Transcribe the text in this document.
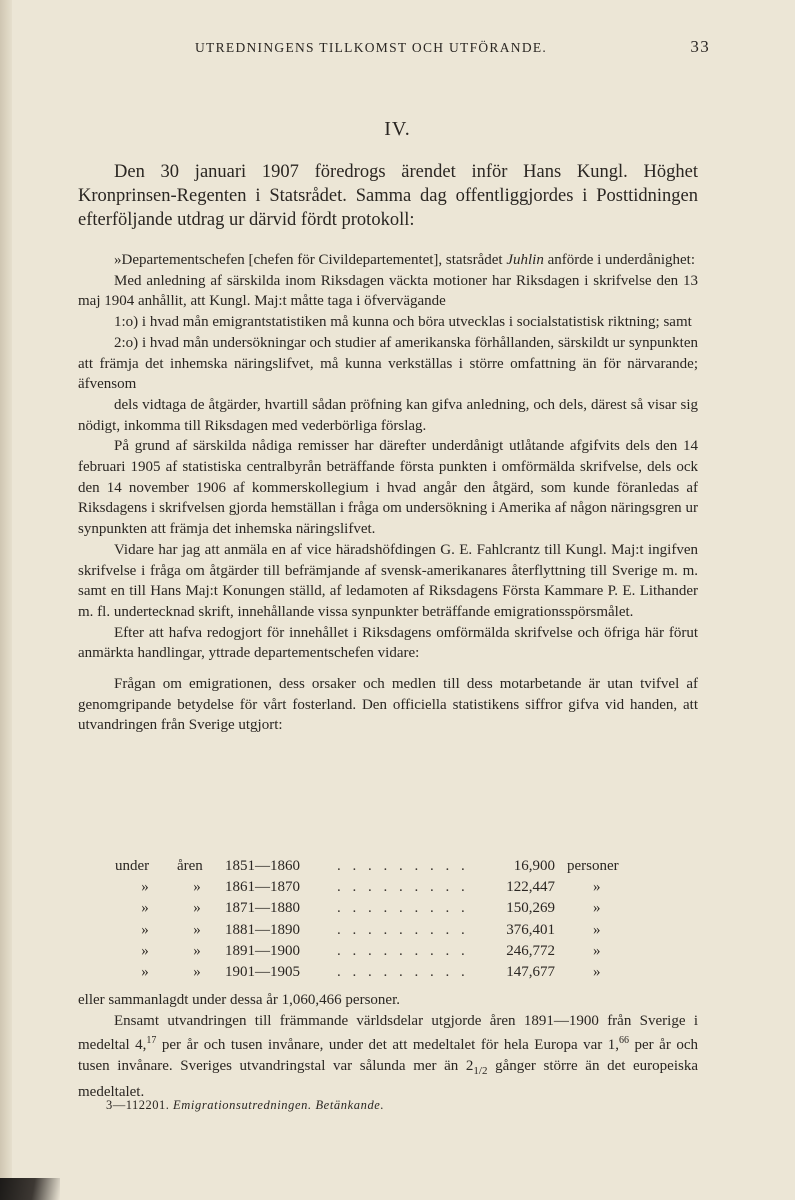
UTREDNINGENS TILLKOMST OCH UTFÖRANDE.	33
IV.

Den 30 januari 1907 föredrogs ärendet inför Hans Kungl. Höghet Kronprinsen-Regenten i Statsrådet. Samma dag offentliggjordes i Posttidningen efterföljande utdrag ur därvid fördt protokoll:

»Departementschefen [chefen för Civildepartementet], statsrådet Juhlin anförde i underdånighet:

Med anledning af särskilda inom Riksdagen väckta motioner har Riksdagen i skrifvelse den 13 maj 1904 anhållit, att Kungl. Maj:t måtte taga i öfvervägande

1:o) i hvad mån emigrantstatistiken må kunna och böra utvecklas i socialstatistisk riktning; samt

2:o) i hvad mån undersökningar och studier af amerikanska förhållanden, särskildt ur synpunkten att främja det inhemska näringslifvet, må kunna verkställas i större omfattning än för närvarande; äfvensom

dels vidtaga de åtgärder, hvartill sådan pröfning kan gifva anledning, och dels, därest så visar sig nödigt, inkomma till Riksdagen med vederbörliga förslag.

På grund af särskilda nådiga remisser har därefter underdånigt utlåtande afgifvits dels den 14 februari 1905 af statistiska centralbyrån beträffande första punkten i omförmälda skrifvelse, dels ock den 14 november 1906 af kommerskollegium i hvad angår den åtgärd, som kunde föranledas af Riksdagens i skrifvelsen gjorda hemställan i fråga om undersökning i Amerika af någon näringsgren ur synpunkten att främja det inhemska näringslifvet.

Vidare har jag att anmäla en af vice häradshöfdingen G. E. Fahlcrantz till Kungl. Maj:t ingifven skrifvelse i fråga om åtgärder till befrämjande af svensk-amerikanares återflyttning till Sverige m. m. samt en till Hans Maj:t Konungen ställd, af ledamoten af Riksdagens Första Kammare P. E. Lithander m. fl. undertecknad skrift, innehållande vissa synpunkter beträffande emigrationsspörsmålet.

Efter att hafva redogjort för innehållet i Riksdagens omförmälda skrifvelse och öfriga här förut anmärkta handlingar, yttrade departementschefen vidare:

Frågan om emigrationen, dess orsaker och medlen till dess motarbetande är utan tvifvel af genomgripande betydelse för vårt fosterland. Den officiella statistikens siffror gifva vid handen, att utvandringen från Sverige utgjort:

under	åren	1851—1860 . . . . . . . . .	16,900 personer
»	»	1861—1870 . . . . . . . . .	122,447	»
»	»	1871—1880 . . . . . . . . .	150,269	»
»	»	1881—1890 . . . . . . . . .	376,401	»
»	»	1891—1900 . . . . . . . . .	246,772	»
»	»	1901—1905 . . . . . . . . .	147,677	»

eller sammanlagdt under dessa år 1,060,466 personer.

Ensamt utvandringen till främmande världsdelar utgjorde åren 1891—1900 från Sverige i medeltal 4,17 per år och tusen invånare, under det att medeltalet för hela Europa var 1,66 per år och tusen invånare. Sveriges utvandringstal var sålunda mer än $2_{1/2}$ gånger större än det europeiska medeltalet.

3—112201. Emigrationsutredningen. Betänkande.
